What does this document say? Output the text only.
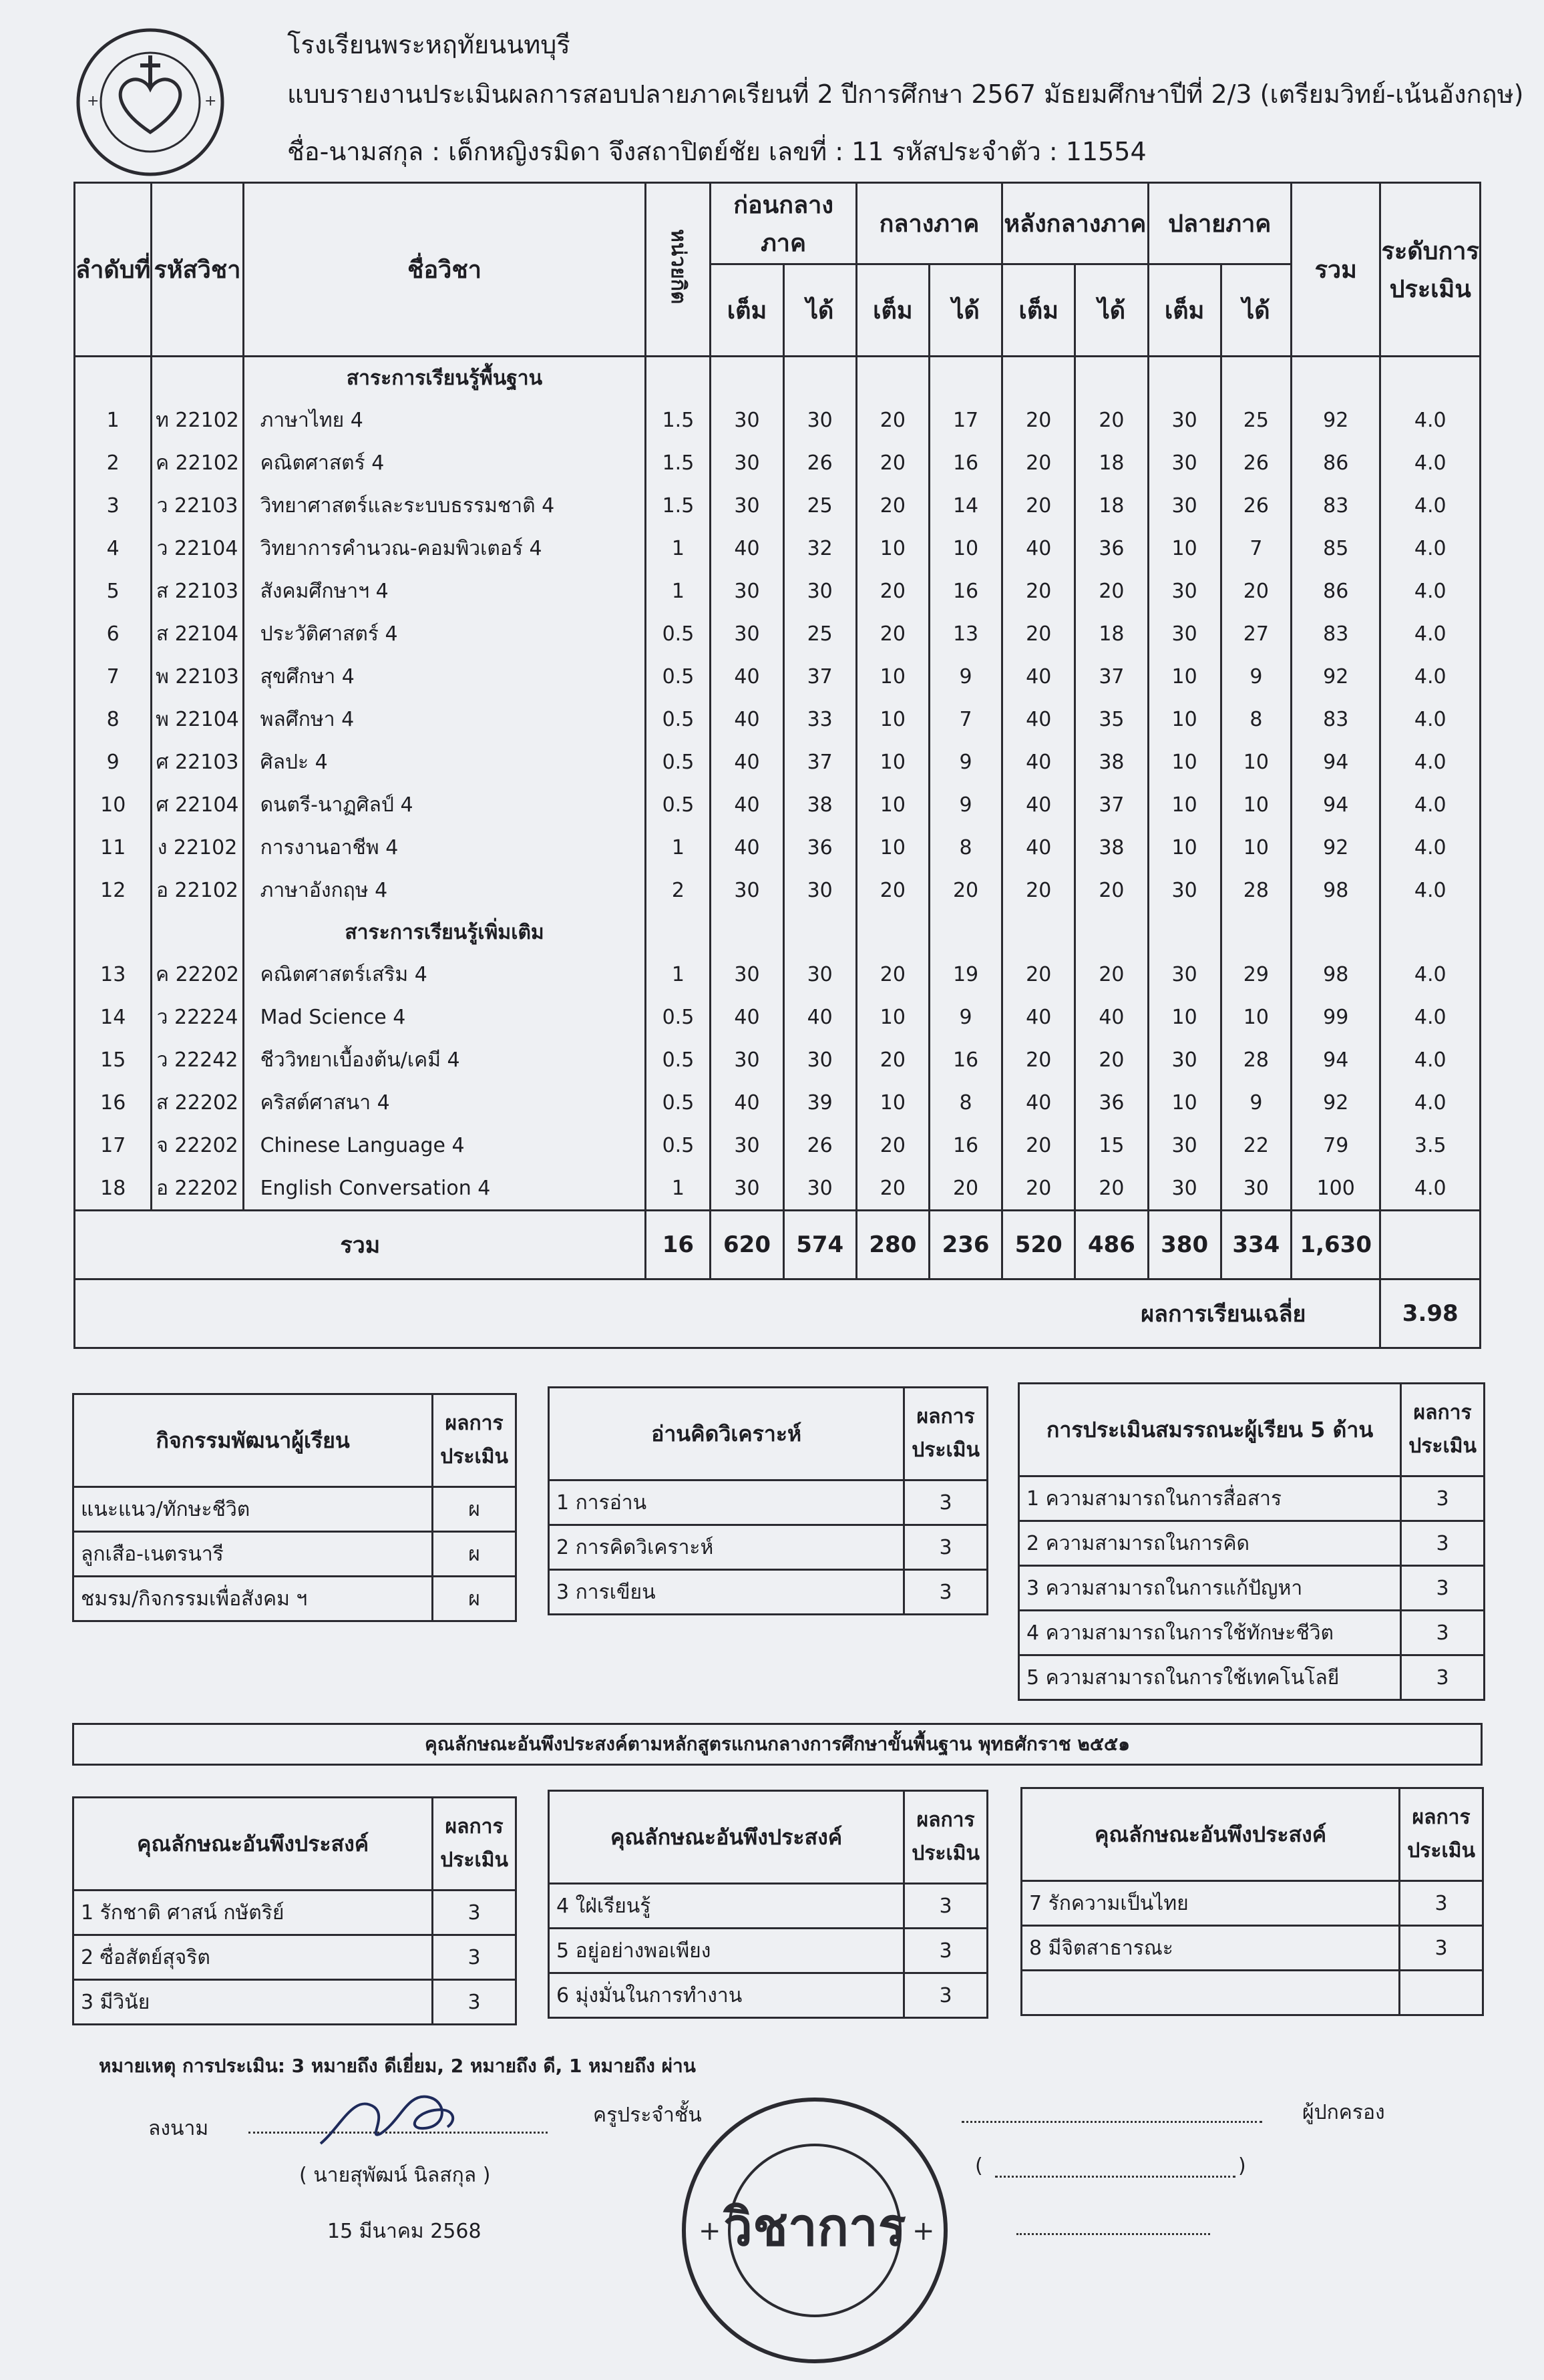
+	+
โรงเรียนพระหฤทัยนนทบุรี
แบบรายงานประเมินผลการสอบปลายภาคเรียนที่ 2 ปีการศึกษา 2567 มัธยมศึกษาปีที่ 2/3 (เตรียมวิทย์-เน้นอังกฤษ)
ชื่อ-นามสกุล : เด็กหญิงรมิดา จึงสถาปิตย์ชัย เลขที่ : 11 รหัสประจำตัว : 11554
ลำดับที่	รหัสวิชา	ชื่อวิชา	หน่วยกิต	ก่อนกลางภาค		กลางภาค		หลังกลางภาค		ปลายภาค		รวม	ระดับการประเมิน
				เต็ม	ได้	เต็ม	ได้	เต็ม	ได้	เต็ม	ได้		
		สาระการเรียนรู้พื้นฐาน											
1	ท 22102	ภาษาไทย 4	1.5	30	30	20	17	20	20	30	25	92	4.0
2	ค 22102	คณิตศาสตร์ 4	1.5	30	26	20	16	20	18	30	26	86	4.0
3	ว 22103	วิทยาศาสตร์และระบบธรรมชาติ 4	1.5	30	25	20	14	20	18	30	26	83	4.0
4	ว 22104	วิทยาการคำนวณ-คอมพิวเตอร์ 4	1	40	32	10	10	40	36	10	7	85	4.0
5	ส 22103	สังคมศึกษาฯ 4	1	30	30	20	16	20	20	30	20	86	4.0
6	ส 22104	ประวัติศาสตร์ 4	0.5	30	25	20	13	20	18	30	27	83	4.0
7	พ 22103	สุขศึกษา 4	0.5	40	37	10	9	40	37	10	9	92	4.0
8	พ 22104	พลศึกษา 4	0.5	40	33	10	7	40	35	10	8	83	4.0
9	ศ 22103	ศิลปะ 4	0.5	40	37	10	9	40	38	10	10	94	4.0
10	ศ 22104	ดนตรี-นาฏศิลป์ 4	0.5	40	38	10	9	40	37	10	10	94	4.0
11	ง 22102	การงานอาชีพ 4	1	40	36	10	8	40	38	10	10	92	4.0
12	อ 22102	ภาษาอังกฤษ 4	2	30	30	20	20	20	20	30	28	98	4.0
		สาระการเรียนรู้เพิ่มเติม											
13	ค 22202	คณิตศาสตร์เสริม 4	1	30	30	20	19	20	20	30	29	98	4.0
14	ว 22224	Mad Science 4	0.5	40	40	10	9	40	40	10	10	99	4.0
15	ว 22242	ชีววิทยาเบื้องต้น/เคมี 4	0.5	30	30	20	16	20	20	30	28	94	4.0
16	ส 22202	คริสต์ศาสนา 4	0.5	40	39	10	8	40	36	10	9	92	4.0
17	จ 22202	Chinese Language 4	0.5	30	26	20	16	20	15	30	22	79	3.5
18	อ 22202	English Conversation 4	1	30	30	20	20	20	20	30	30	100	4.0
รวม			16	620	574	280	236	520	486	380	334	1,630	
ผลการเรียนเฉลี่ย													3.98
กิจกรรมพัฒนาผู้เรียน	ผลการประเมิน
แนะแนว/ทักษะชีวิต	ผ
ลูกเสือ-เนตรนารี	ผ
ชมรม/กิจกรรมเพื่อสังคม ฯ	ผ
อ่านคิดวิเคราะห์	ผลการประเมิน
1 การอ่าน	3
2 การคิดวิเคราะห์	3
3 การเขียน	3
การประเมินสมรรถนะผู้เรียน 5 ด้าน	ผลการประเมิน
1 ความสามารถในการสื่อสาร	3
2 ความสามารถในการคิด	3
3 ความสามารถในการแก้ปัญหา	3
4 ความสามารถในการใช้ทักษะชีวิต	3
5 ความสามารถในการใช้เทคโนโลยี	3
คุณลักษณะอันพึงประสงค์ตามหลักสูตรแกนกลางการศึกษาขั้นพื้นฐาน พุทธศักราช ๒๕๕๑
คุณลักษณะอันพึงประสงค์	ผลการประเมิน
1 รักชาติ ศาสน์ กษัตริย์	3
2 ซื่อสัตย์สุจริต	3
3 มีวินัย	3
คุณลักษณะอันพึงประสงค์	ผลการประเมิน
4 ใฝ่เรียนรู้	3
5 อยู่อย่างพอเพียง	3
6 มุ่งมั่นในการทำงาน	3
คุณลักษณะอันพึงประสงค์	ผลการประเมิน
7 รักความเป็นไทย	3
8 มีจิตสาธารณะ	3

หมายเหตุ การประเมิน: 3 หมายถึง ดีเยี่ยม, 2 หมายถึง ดี, 1 หมายถึง ผ่าน
ลงนาม
ครูประจำชั้น
( นายสุพัฒน์ นิลสกุล )
15 มีนาคม 2568
ผู้ปกครอง
(	)
วิชาการ
+	+
